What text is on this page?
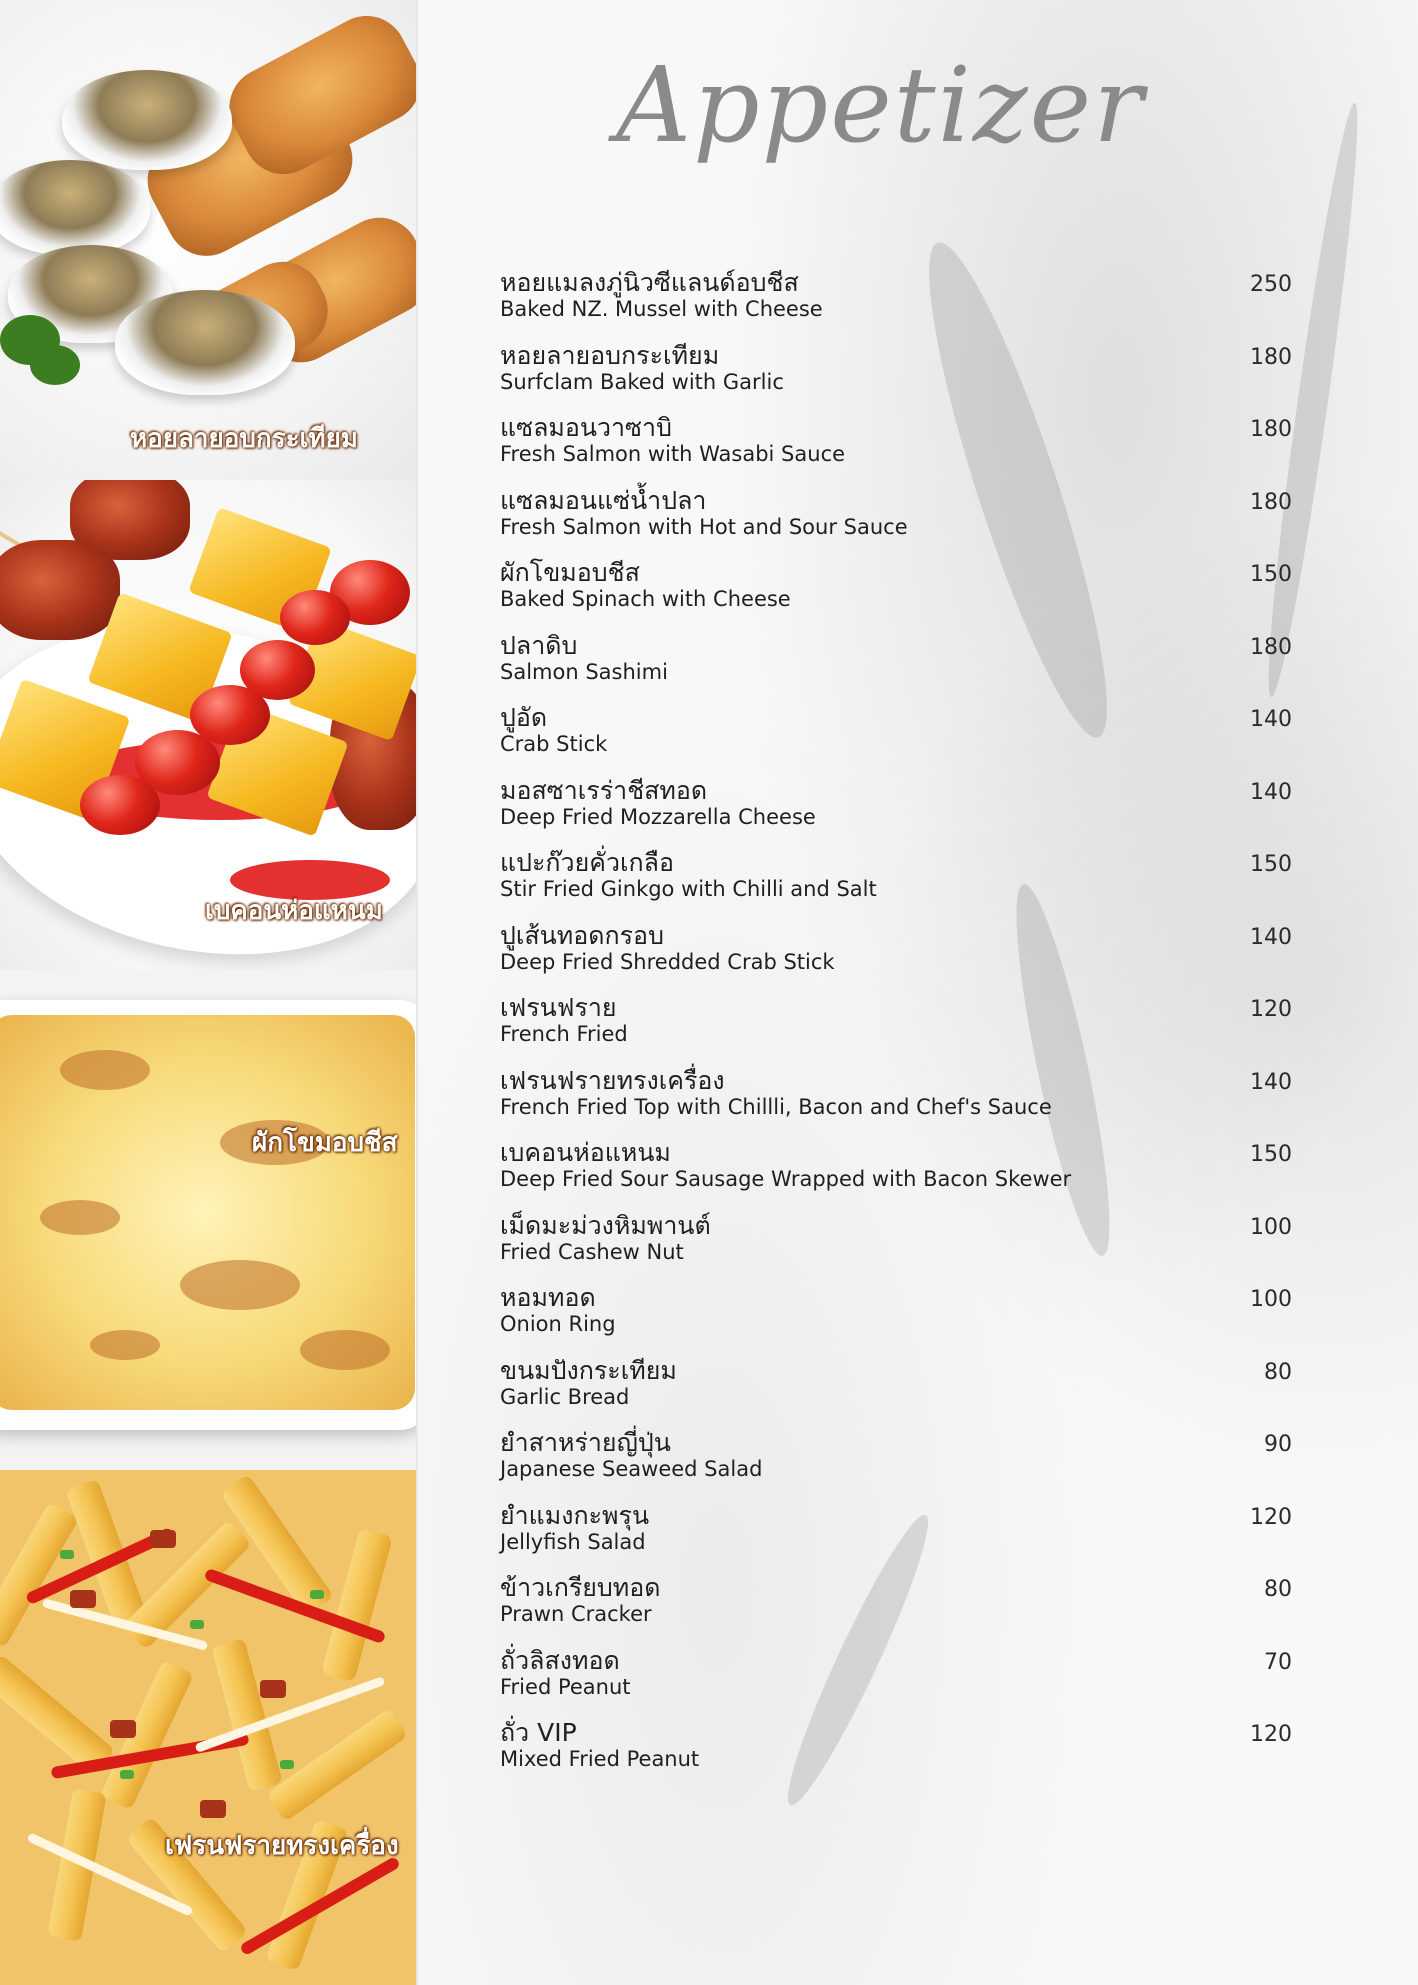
หอยลายอบกระเทียม
เบคอนห่อแหนม
ผักโขมอบชีส
เฟรนฟรายทรงเครื่อง
Appetizer
หอยแมลงภู่นิวซีแลนด์อบชีส
Baked NZ. Mussel with Cheese
250
หอยลายอบกระเทียม
Surfclam Baked with Garlic
180
แซลมอนวาซาบิ
Fresh Salmon with Wasabi Sauce
180
แซลมอนแซ่น้ำปลา
Fresh Salmon with Hot and Sour Sauce
180
ผักโขมอบชีส
Baked Spinach with Cheese
150
ปลาดิบ
Salmon Sashimi
180
ปูอัด
Crab Stick
140
มอสซาเรร่าชีสทอด
Deep Fried Mozzarella Cheese
140
แปะก๊วยคั่วเกลือ
Stir Fried Ginkgo with Chilli and Salt
150
ปูเส้นทอดกรอบ
Deep Fried Shredded Crab Stick
140
เฟรนฟราย
French Fried
120
เฟรนฟรายทรงเครื่อง
French Fried Top with Chillli, Bacon and Chef's Sauce
140
เบคอนห่อแหนม
Deep Fried Sour Sausage Wrapped with Bacon Skewer
150
เม็ดมะม่วงหิมพานต์
Fried Cashew Nut
100
หอมทอด
Onion Ring
100
ขนมปังกระเทียม
Garlic Bread
80
ยำสาหร่ายญี่ปุ่น
Japanese Seaweed Salad
90
ยำแมงกะพรุน
Jellyfish Salad
120
ข้าวเกรียบทอด
Prawn Cracker
80
ถั่วลิสงทอด
Fried Peanut
70
ถั่ว VIP
Mixed Fried Peanut
120
